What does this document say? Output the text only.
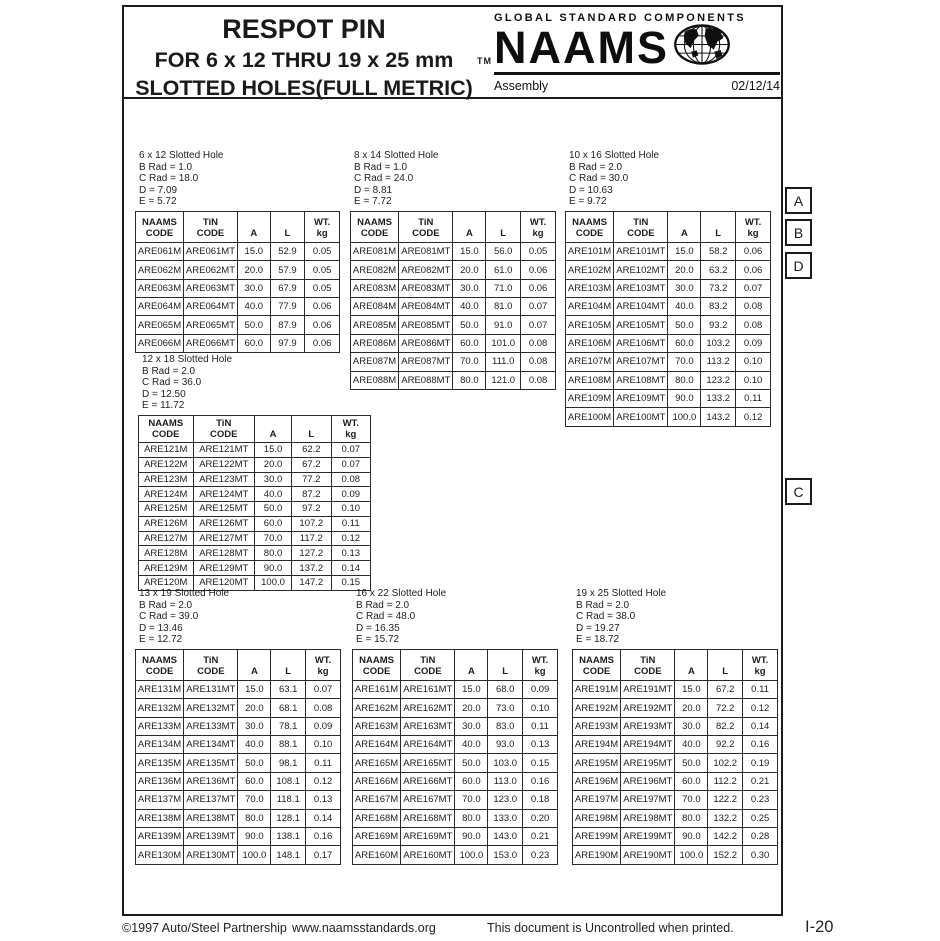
RESPOT PIN
FOR 6 x 12 THRU 19 x 25 mm
SLOTTED HOLES(FULL METRIC)
TM
GLOBAL STANDARD COMPONENTS
NAAMS
Assembly	02/12/14
6 x 12 Slotted Hole
B Rad = 1.0
C Rad = 18.0
D = 7.09
E = 5.72
NAAMS
CODE	TiN
CODE	A	L	WT.
kg
ARE061M	ARE061MT	15.0	52.9	0.05
ARE062M	ARE062MT	20.0	57.9	0.05
ARE063M	ARE063MT	30.0	67.9	0.05
ARE064M	ARE064MT	40.0	77.9	0.06
ARE065M	ARE065MT	50.0	87.9	0.06
ARE066M	ARE066MT	60.0	97.9	0.06
8 x 14 Slotted Hole
B Rad = 1.0
C Rad = 24.0
D = 8.81
E = 7.72
NAAMS
CODE	TiN
CODE	A	L	WT.
kg
ARE081M	ARE081MT	15.0	56.0	0.05
ARE082M	ARE082MT	20.0	61.0	0.06
ARE083M	ARE083MT	30.0	71.0	0.06
ARE084M	ARE084MT	40.0	81.0	0.07
ARE085M	ARE085MT	50.0	91.0	0.07
ARE086M	ARE086MT	60.0	101.0	0.08
ARE087M	ARE087MT	70.0	111.0	0.08
ARE088M	ARE088MT	80.0	121.0	0.08
10 x 16 Slotted Hole
B Rad = 2.0
C Rad = 30.0
D = 10.63
E = 9.72
NAAMS
CODE	TiN
CODE	A	L	WT.
kg
ARE101M	ARE101MT	15.0	58.2	0.06
ARE102M	ARE102MT	20.0	63.2	0.06
ARE103M	ARE103MT	30.0	73.2	0.07
ARE104M	ARE104MT	40.0	83.2	0.08
ARE105M	ARE105MT	50.0	93.2	0.08
ARE106M	ARE106MT	60.0	103.2	0.09
ARE107M	ARE107MT	70.0	113.2	0.10
ARE108M	ARE108MT	80.0	123.2	0.10
ARE109M	ARE109MT	90.0	133.2	0.11
ARE100M	ARE100MT	100.0	143.2	0.12
12 x 18 Slotted Hole
B Rad = 2.0
C Rad = 36.0
D = 12.50
E = 11.72
NAAMS
CODE	TiN
CODE	A	L	WT.
kg
ARE121M	ARE121MT	15.0	62.2	0.07
ARE122M	ARE122MT	20.0	67.2	0.07
ARE123M	ARE123MT	30.0	77.2	0.08
ARE124M	ARE124MT	40.0	87.2	0.09
ARE125M	ARE125MT	50.0	97.2	0.10
ARE126M	ARE126MT	60.0	107.2	0.11
ARE127M	ARE127MT	70.0	117.2	0.12
ARE128M	ARE128MT	80.0	127.2	0.13
ARE129M	ARE129MT	90.0	137.2	0.14
ARE120M	ARE120MT	100.0	147.2	0.15
13 x 19 Slotted Hole
B Rad = 2.0
C Rad = 39.0
D = 13.46
E = 12.72
NAAMS
CODE	TiN
CODE	A	L	WT.
kg
ARE131M	ARE131MT	15.0	63.1	0.07
ARE132M	ARE132MT	20.0	68.1	0.08
ARE133M	ARE133MT	30.0	78.1	0.09
ARE134M	ARE134MT	40.0	88.1	0.10
ARE135M	ARE135MT	50.0	98.1	0.11
ARE136M	ARE136MT	60.0	108.1	0.12
ARE137M	ARE137MT	70.0	118.1	0.13
ARE138M	ARE138MT	80.0	128.1	0.14
ARE139M	ARE139MT	90.0	138.1	0.16
ARE130M	ARE130MT	100.0	148.1	0.17
16 x 22 Slotted Hole
B Rad = 2.0
C Rad = 48.0
D = 16.35
E = 15.72
NAAMS
CODE	TiN
CODE	A	L	WT.
kg
ARE161M	ARE161MT	15.0	68.0	0.09
ARE162M	ARE162MT	20.0	73.0	0.10
ARE163M	ARE163MT	30.0	83.0	0.11
ARE164M	ARE164MT	40.0	93.0	0.13
ARE165M	ARE165MT	50.0	103.0	0.15
ARE166M	ARE166MT	60.0	113.0	0.16
ARE167M	ARE167MT	70.0	123.0	0.18
ARE168M	ARE168MT	80.0	133.0	0.20
ARE169M	ARE169MT	90.0	143.0	0.21
ARE160M	ARE160MT	100.0	153.0	0.23
19 x 25 Slotted Hole
B Rad = 2.0
C Rad = 38.0
D = 19.27
E = 18.72
NAAMS
CODE	TiN
CODE	A	L	WT.
kg
ARE191M	ARE191MT	15.0	67.2	0.11
ARE192M	ARE192MT	20.0	72.2	0.12
ARE193M	ARE193MT	30.0	82.2	0.14
ARE194M	ARE194MT	40.0	92.2	0.16
ARE195M	ARE195MT	50.0	102.2	0.19
ARE196M	ARE196MT	60.0	112.2	0.21
ARE197M	ARE197MT	70.0	122.2	0.23
ARE198M	ARE198MT	80.0	132.2	0.25
ARE199M	ARE199MT	90.0	142.2	0.28
ARE190M	ARE190MT	100.0	152.2	0.30
A
B
D
C
©1997 Auto/Steel Partnership www.naamsstandards.org	This document is Uncontrolled when printed.	I-20
